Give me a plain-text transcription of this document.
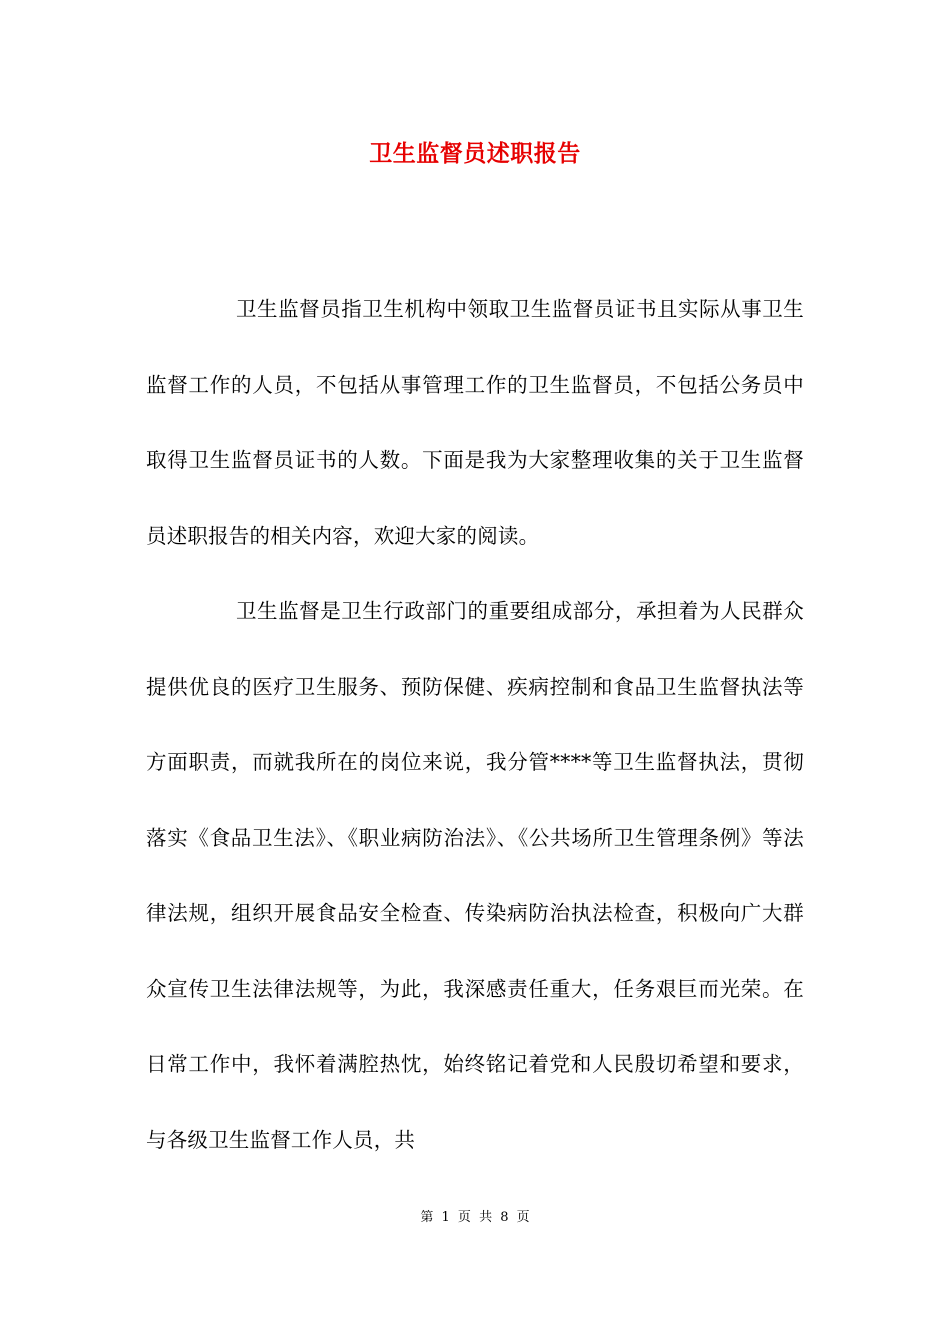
卫生监督员述职报告

卫生监督员指卫生机构中领取卫生监督员证书且实际从事卫生监督工作的人员，不包括从事管理工作的卫生监督员，不包括公务员中取得卫生监督员证书的人数。下面是我为大家整理收集的关于卫生监督员述职报告的相关内容，欢迎大家的阅读。

卫生监督是卫生行政部门的重要组成部分，承担着为人民群众提供优良的医疗卫生服务、预防保健、疾病控制和食品卫生监督执法等方面职责，而就我所在的岗位来说，我分管****等卫生监督执法，贯彻落实《食品卫生法》、《职业病防治法》、《公共场所卫生管理条例》等法律法规，组织开展食品安全检查、传染病防治执法检查，积极向广大群众宣传卫生法律法规等，为此，我深感责任重大，任务艰巨而光荣。在日常工作中，我怀着满腔热忱，始终铭记着党和人民殷切希望和要求，与各级卫生监督工作人员，共

第 1 页 共 8 页
